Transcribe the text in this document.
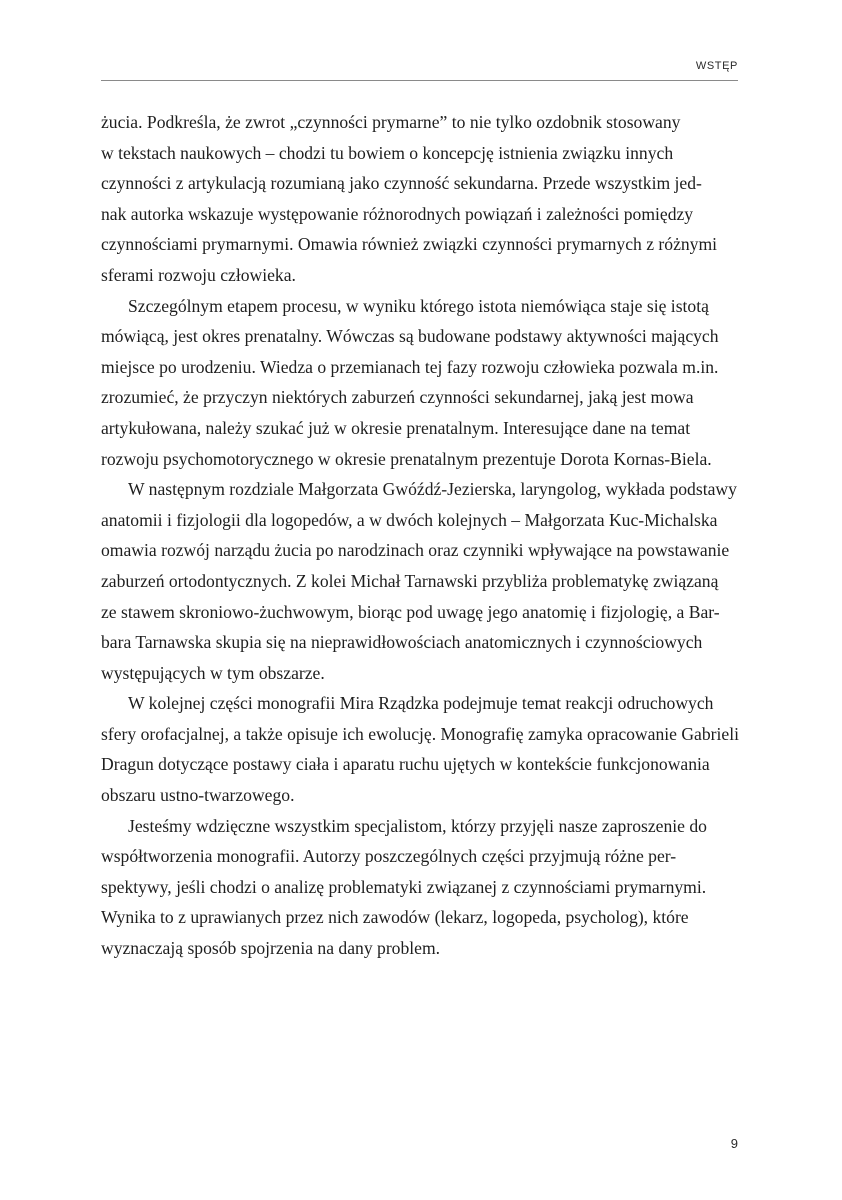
WSTĘP

żucia. Podkreśla, że zwrot „czynności prymarne” to nie tylko ozdobnik stosowany
w tekstach naukowych – chodzi tu bowiem o koncepcję istnienia związku innych
czynności z artykulacją rozumianą jako czynność sekundarna. Przede wszystkim jed-
nak autorka wskazuje występowanie różnorodnych powiązań i zależności pomiędzy
czynnościami prymarnymi. Omawia również związki czynności prymarnych z różnymi
sferami rozwoju człowieka.

Szczególnym etapem procesu, w wyniku którego istota niemówiąca staje się istotą
mówiącą, jest okres prenatalny. Wówczas są budowane podstawy aktywności mających
miejsce po urodzeniu. Wiedza o przemianach tej fazy rozwoju człowieka pozwala m.in.
zrozumieć, że przyczyn niektórych zaburzeń czynności sekundarnej, jaką jest mowa
artykułowana, należy szukać już w okresie prenatalnym. Interesujące dane na temat
rozwoju psychomotorycznego w okresie prenatalnym prezentuje Dorota Kornas-Biela.

W następnym rozdziale Małgorzata Gwóźdź-Jezierska, laryngolog, wykłada podstawy
anatomii i fizjologii dla logopedów, a w dwóch kolejnych – Małgorzata Kuc-Michalska
omawia rozwój narządu żucia po narodzinach oraz czynniki wpływające na powstawanie
zaburzeń ortodontycznych. Z kolei Michał Tarnawski przybliża problematykę związaną
ze stawem skroniowo-żuchwowym, biorąc pod uwagę jego anatomię i fizjologię, a Bar-
bara Tarnawska skupia się na nieprawidłowościach anatomicznych i czynnościowych
występujących w tym obszarze.

W kolejnej części monografii Mira Rządzka podejmuje temat reakcji odruchowych
sfery orofacjalnej, a także opisuje ich ewolucję. Monografię zamyka opracowanie Gabrieli
Dragun dotyczące postawy ciała i aparatu ruchu ujętych w kontekście funkcjonowania
obszaru ustno-twarzowego.

Jesteśmy wdzięczne wszystkim specjalistom, którzy przyjęli nasze zaproszenie do
współtworzenia monografii. Autorzy poszczególnych części przyjmują różne per-
spektywy, jeśli chodzi o analizę problematyki związanej z czynnościami prymarnymi.
Wynika to z uprawianych przez nich zawodów (lekarz, logopeda, psycholog), które
wyznaczają sposób spojrzenia na dany problem.

9
